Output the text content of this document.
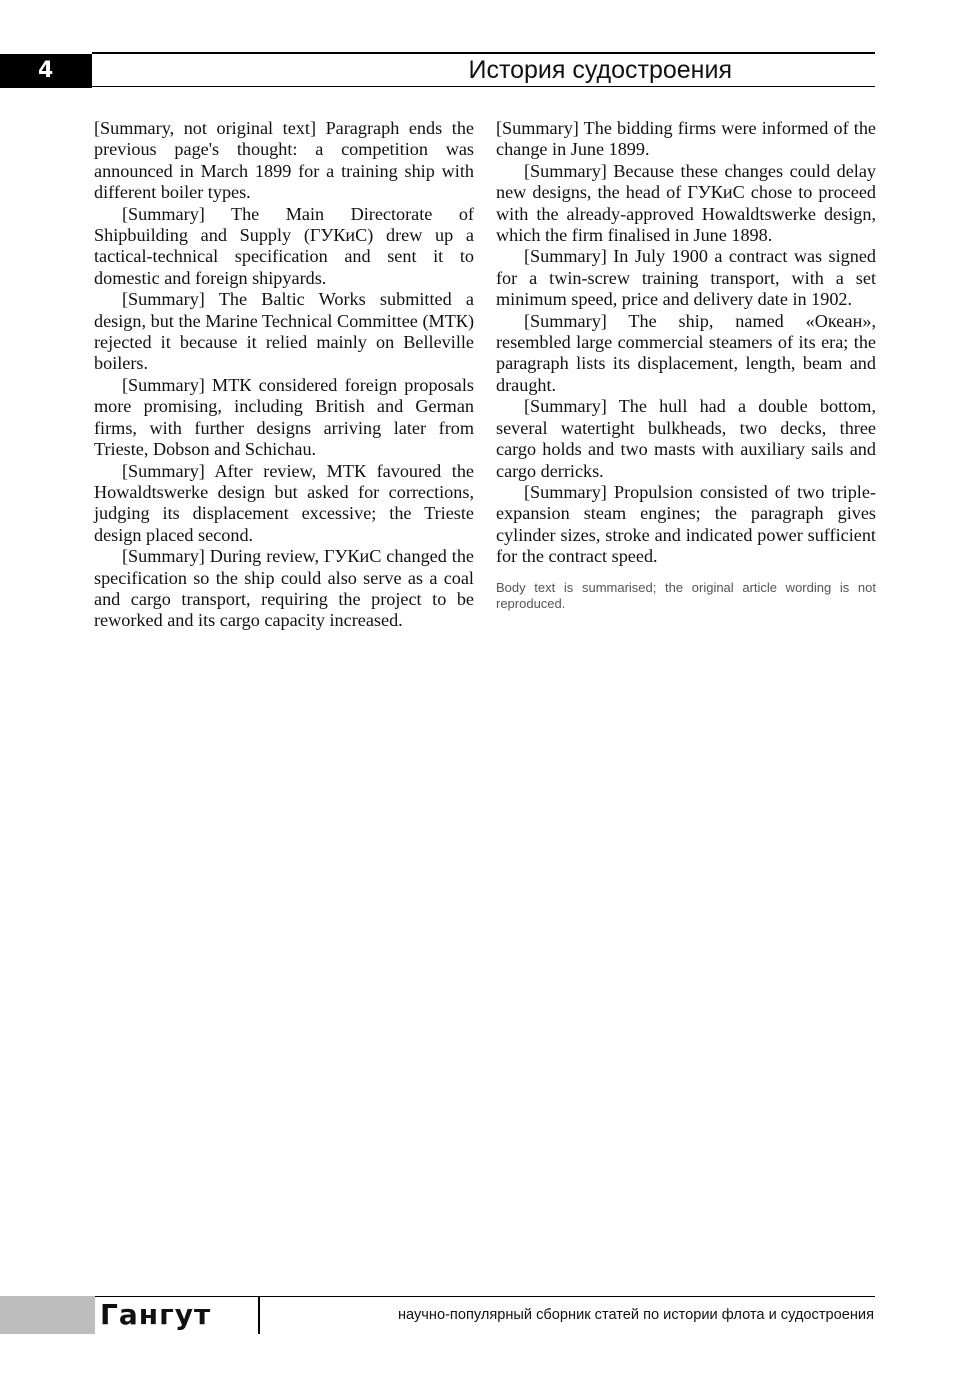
4	История судостроения

[Summary, not original text] Paragraph ends the previous page's thought: a competition was announced in March 1899 for a training ship with different boiler types.

[Summary] The Main Directorate of Shipbuilding and Supply (ГУКиС) drew up a tactical-technical specification and sent it to domestic and foreign shipyards.

[Summary] The Baltic Works submitted a design, but the Marine Technical Committee (МТК) rejected it because it relied mainly on Belleville boilers.

[Summary] МТК considered foreign proposals more promising, including British and German firms, with further designs arriving later from Trieste, Dobson and Schichau.

[Summary] After review, МТК favoured the Howaldtswerke design but asked for corrections, judging its displacement excessive; the Trieste design placed second.

[Summary] During review, ГУКиС changed the specification so the ship could also serve as a coal and cargo transport, requiring the project to be reworked and its cargo capacity increased.

[Summary] The bidding firms were informed of the change in June 1899.

[Summary] Because these changes could delay new designs, the head of ГУКиС chose to proceed with the already-approved Howaldtswerke design, which the firm finalised in June 1898.

[Summary] In July 1900 a contract was signed for a twin-screw training transport, with a set minimum speed, price and delivery date in 1902.

[Summary] The ship, named «Океан», resembled large commercial steamers of its era; the paragraph lists its displacement, length, beam and draught.

[Summary] The hull had a double bottom, several watertight bulkheads, two decks, three cargo holds and two masts with auxiliary sails and cargo derricks.

[Summary] Propulsion consisted of two triple-expansion steam engines; the paragraph gives cylinder sizes, stroke and indicated power sufficient for the contract speed.

Body text is summarised; the original article wording is not reproduced.
Гангут	научно-популярный сборник статей по истории флота и судостроения
